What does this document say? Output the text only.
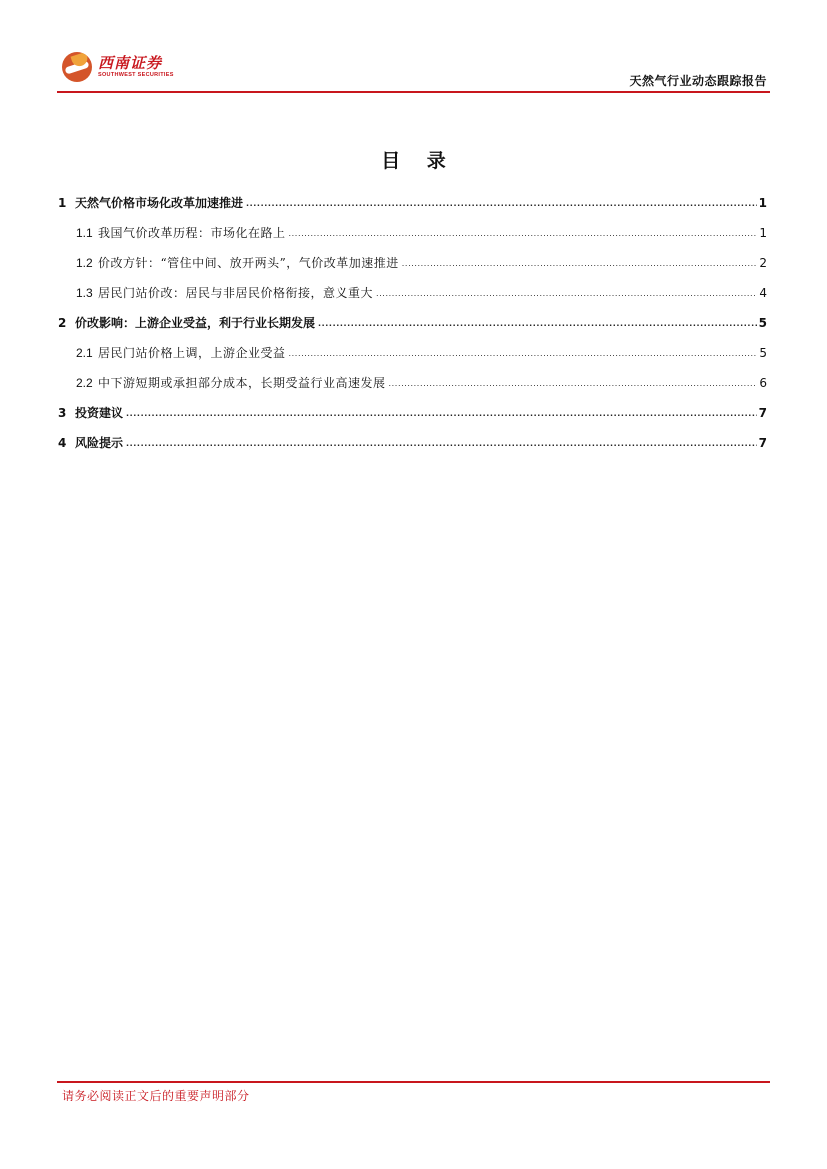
西南证券
SOUTHWEST SECURITIES	天然气行业动态跟踪报告
目 录
1 天然气价格市场化改革加速推进 .....	1
1.1 我国气价改革历程：市场化在路上 .....	1
1.2 价改方针：“管住中间、放开两头”，气价改革加速推进 .....	2
1.3 居民门站价改：居民与非居民价格衔接，意义重大 .....	4
2 价改影响：上游企业受益，利于行业长期发展 .....	5
2.1 居民门站价格上调，上游企业受益 .....	5
2.2 中下游短期或承担部分成本，长期受益行业高速发展 .....	6
3 投资建议 .....	7
4 风险提示 .....	7
请务必阅读正文后的重要声明部分
